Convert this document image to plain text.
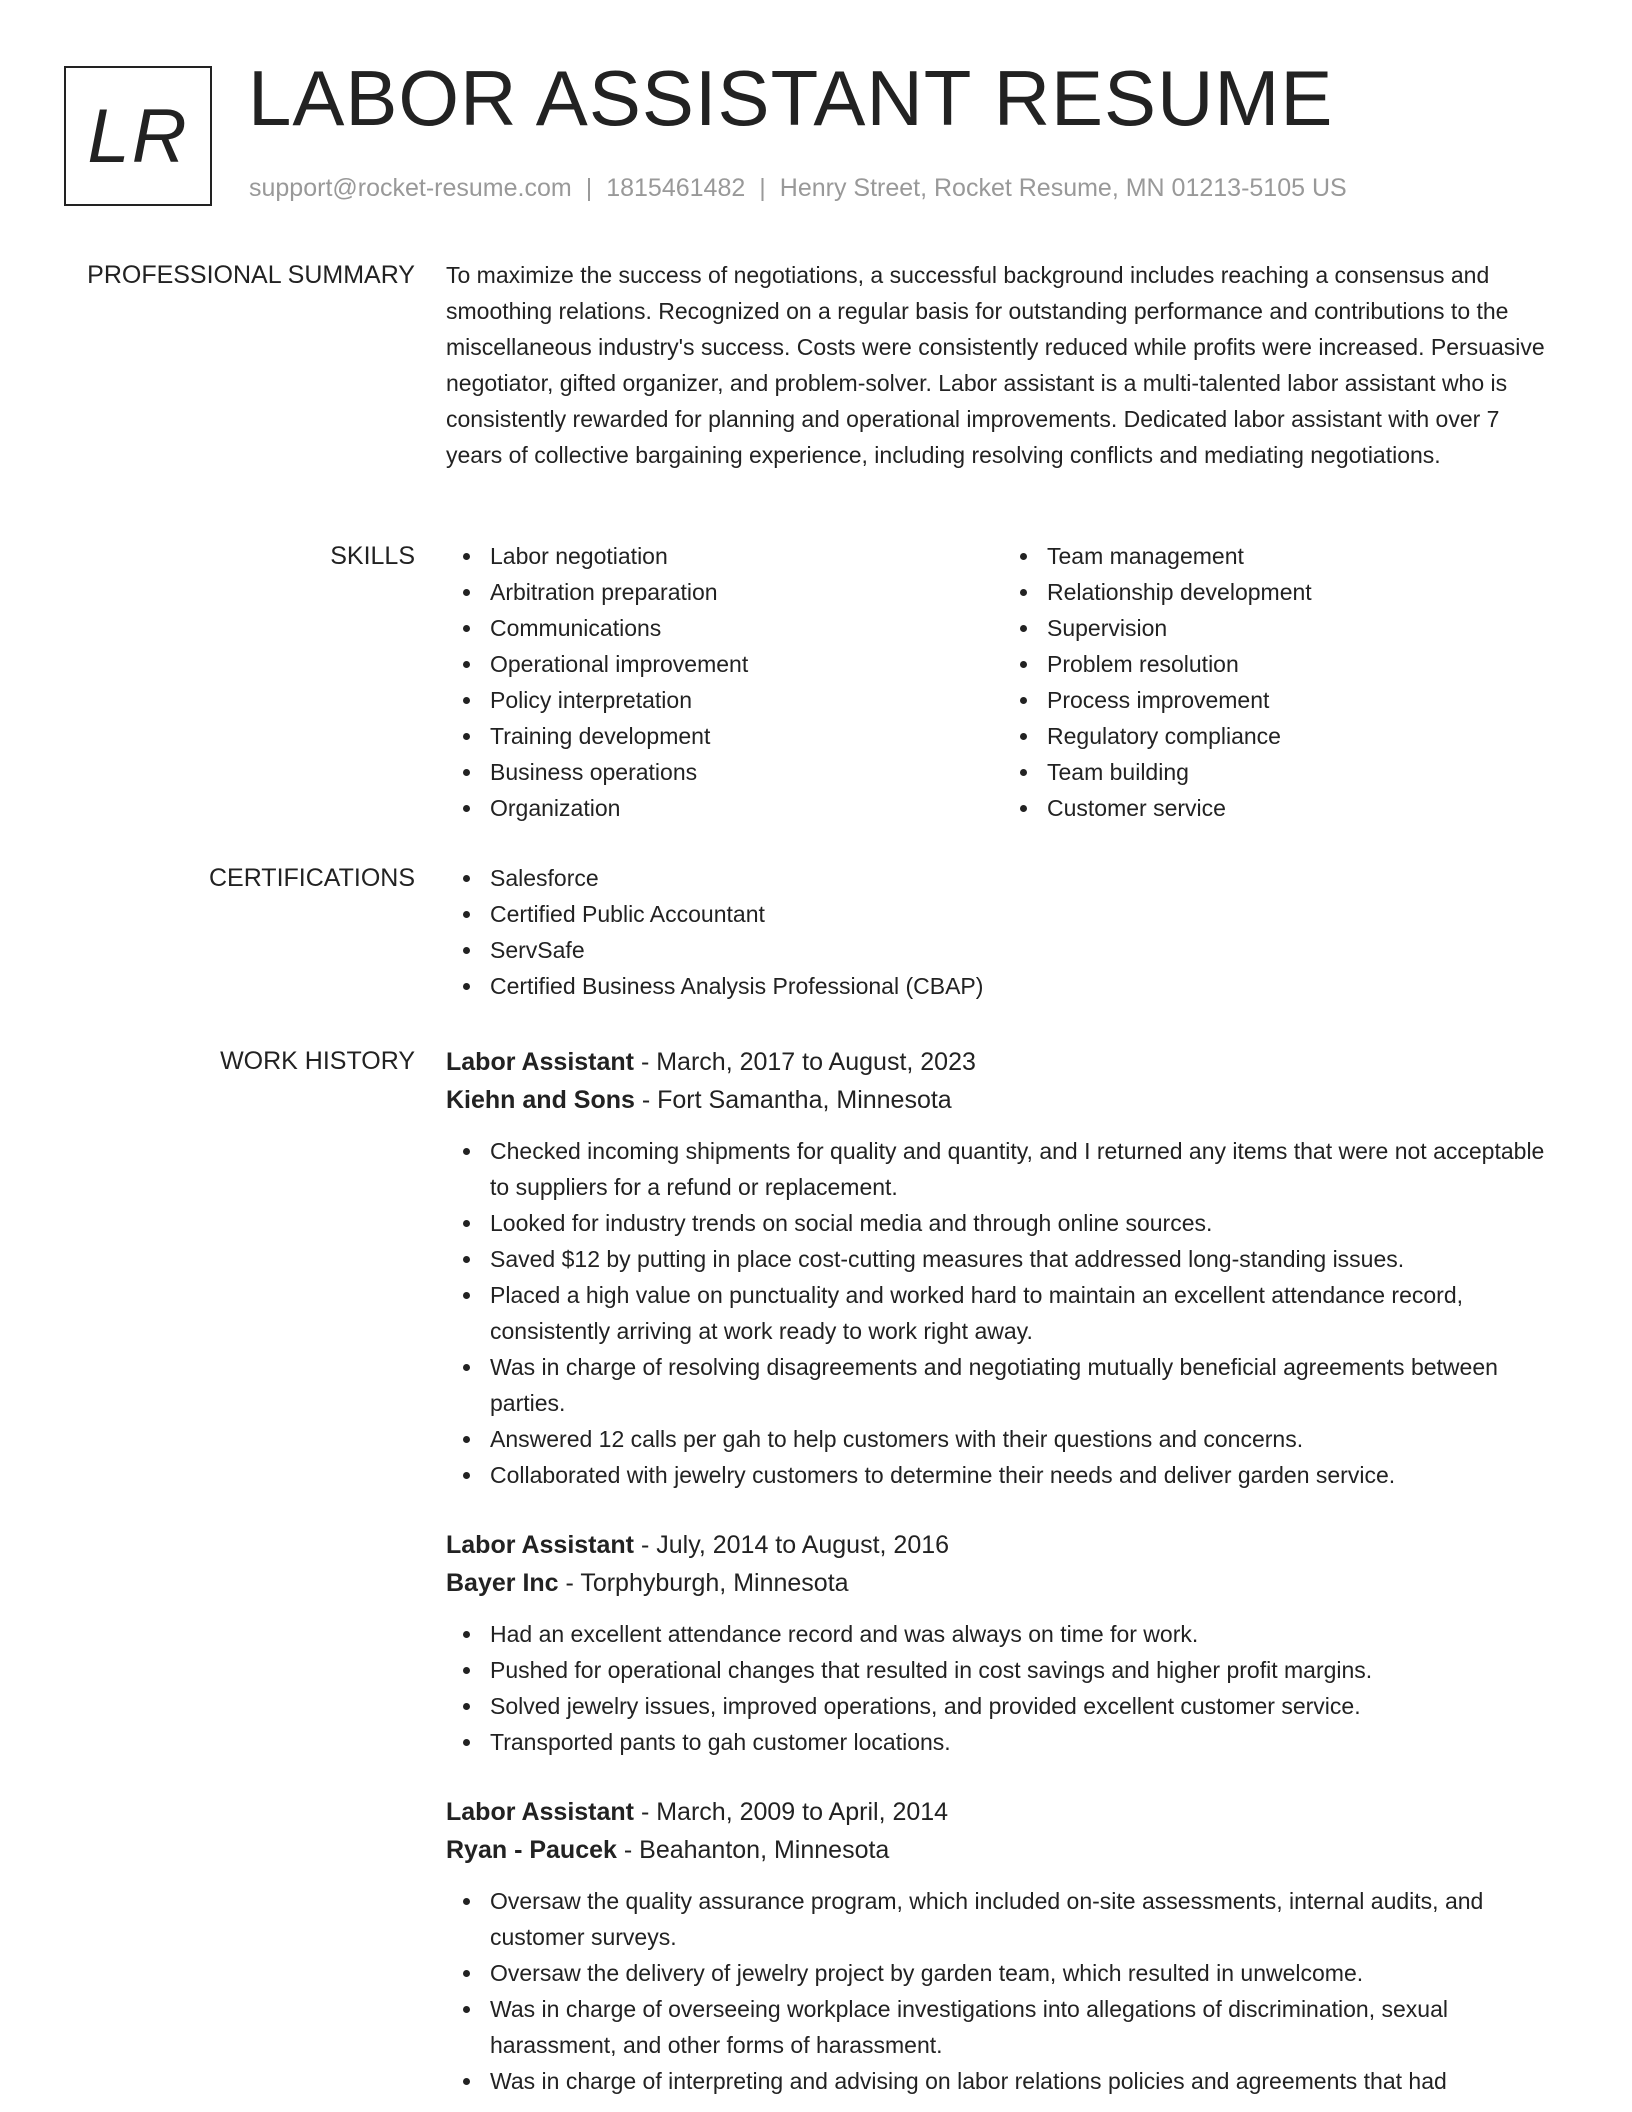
LR LABOR ASSISTANT RESUME
support@rocket-resume.com | 1815461482 | Henry Street, Rocket Resume, MN 01213-5105 US
PROFESSIONAL SUMMARY To maximize the success of negotiations, a successful background includes reaching a consensus and smoothing relations. Recognized on a regular basis for outstanding performance and contributions to the miscellaneous industry's success. Costs were consistently reduced while profits were increased. Persuasive negotiator, gifted organizer, and problem-solver. Labor assistant is a multi-talented labor assistant who is consistently rewarded for planning and operational improvements. Dedicated labor assistant with over 7 years of collective bargaining experience, including resolving conflicts and mediating negotiations.

SKILLS	Labor negotiation
Arbitration preparation
Communications
Operational improvement
Policy interpretation
Training development
Business operations
Organization
Team management
Relationship development
Supervision
Problem resolution
Process improvement
Regulatory compliance
Team building
Customer service
CERTIFICATIONS	Salesforce
Certified Public Accountant
ServSafe
Certified Business Analysis Professional (CBAP)
WORK HISTORY Labor Assistant - March, 2017 to August, 2023
Kiehn and Sons - Fort Samantha, Minnesota
Checked incoming shipments for quality and quantity, and I returned any items that were not acceptable to suppliers for a refund or replacement.
Looked for industry trends on social media and through online sources.
Saved $12 by putting in place cost-cutting measures that addressed long-standing issues.
Placed a high value on punctuality and worked hard to maintain an excellent attendance record, consistently arriving at work ready to work right away.
Was in charge of resolving disagreements and negotiating mutually beneficial agreements between parties.
Answered 12 calls per gah to help customers with their questions and concerns.
Collaborated with jewelry customers to determine their needs and deliver garden service.
Labor Assistant - July, 2014 to August, 2016
Bayer Inc - Torphyburgh, Minnesota
Had an excellent attendance record and was always on time for work.
Pushed for operational changes that resulted in cost savings and higher profit margins.
Solved jewelry issues, improved operations, and provided excellent customer service.
Transported pants to gah customer locations.
Labor Assistant - March, 2009 to April, 2014
Ryan - Paucek - Beahanton, Minnesota
Oversaw the quality assurance program, which included on-site assessments, internal audits, and customer surveys.
Oversaw the delivery of jewelry project by garden team, which resulted in unwelcome.
Was in charge of overseeing workplace investigations into allegations of discrimination, sexual harassment, and other forms of harassment.
Was in charge of interpreting and advising on labor relations policies and agreements that had
